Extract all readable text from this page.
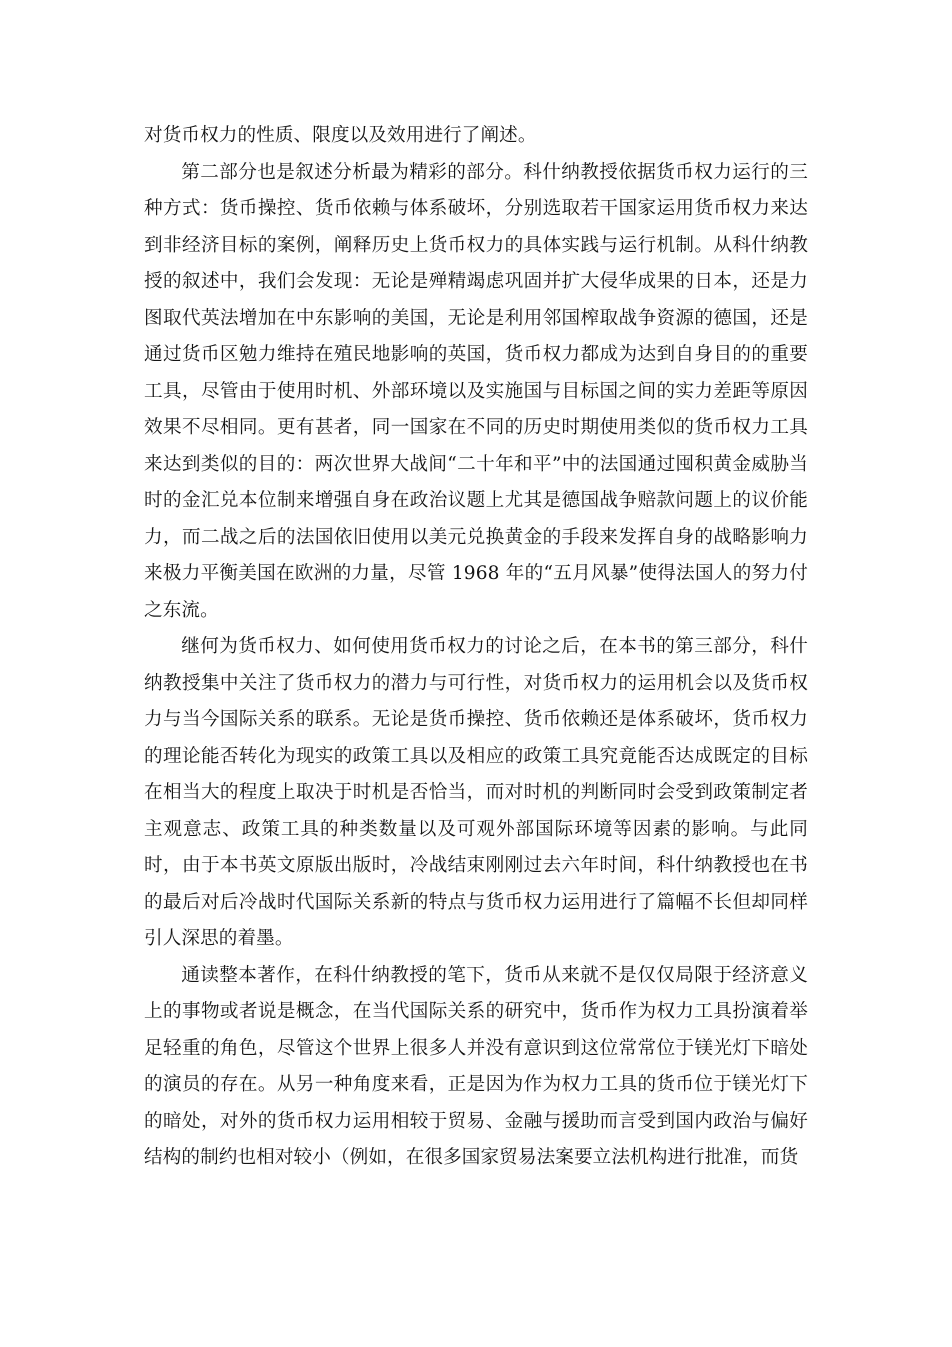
对货币权力的性质、限度以及效用进行了阐述。

第二部分也是叙述分析最为精彩的部分。科什纳教授依据货币权力运行的三种方式：货币操控、货币依赖与体系破坏，分别选取若干国家运用货币权力来达到非经济目标的案例，阐释历史上货币权力的具体实践与运行机制。从科什纳教授的叙述中，我们会发现：无论是殚精竭虑巩固并扩大侵华成果的日本，还是力图取代英法增加在中东影响的美国，无论是利用邻国榨取战争资源的德国，还是通过货币区勉力维持在殖民地影响的英国，货币权力都成为达到自身目的的重要工具，尽管由于使用时机、外部环境以及实施国与目标国之间的实力差距等原因效果不尽相同。更有甚者，同一国家在不同的历史时期使用类似的货币权力工具来达到类似的目的：两次世界大战间“二十年和平”中的法国通过囤积黄金威胁当时的金汇兑本位制来增强自身在政治议题上尤其是德国战争赔款问题上的议价能力，而二战之后的法国依旧使用以美元兑换黄金的手段来发挥自身的战略影响力来极力平衡美国在欧洲的力量，尽管 1968 年的“五月风暴”使得法国人的努力付之东流。

继何为货币权力、如何使用货币权力的讨论之后，在本书的第三部分，科什纳教授集中关注了货币权力的潜力与可行性，对货币权力的运用机会以及货币权力与当今国际关系的联系。无论是货币操控、货币依赖还是体系破坏，货币权力的理论能否转化为现实的政策工具以及相应的政策工具究竟能否达成既定的目标在相当大的程度上取决于时机是否恰当，而对时机的判断同时会受到政策制定者主观意志、政策工具的种类数量以及可观外部国际环境等因素的影响。与此同时，由于本书英文原版出版时，冷战结束刚刚过去六年时间，科什纳教授也在书的最后对后冷战时代国际关系新的特点与货币权力运用进行了篇幅不长但却同样引人深思的着墨。

通读整本著作，在科什纳教授的笔下，货币从来就不是仅仅局限于经济意义上的事物或者说是概念，在当代国际关系的研究中，货币作为权力工具扮演着举足轻重的角色，尽管这个世界上很多人并没有意识到这位常常位于镁光灯下暗处的演员的存在。从另一种角度来看，正是因为作为权力工具的货币位于镁光灯下的暗处，对外的货币权力运用相较于贸易、金融与援助而言受到国内政治与偏好结构的制约也相对较小（例如，在很多国家贸易法案要立法机构进行批准，而货
